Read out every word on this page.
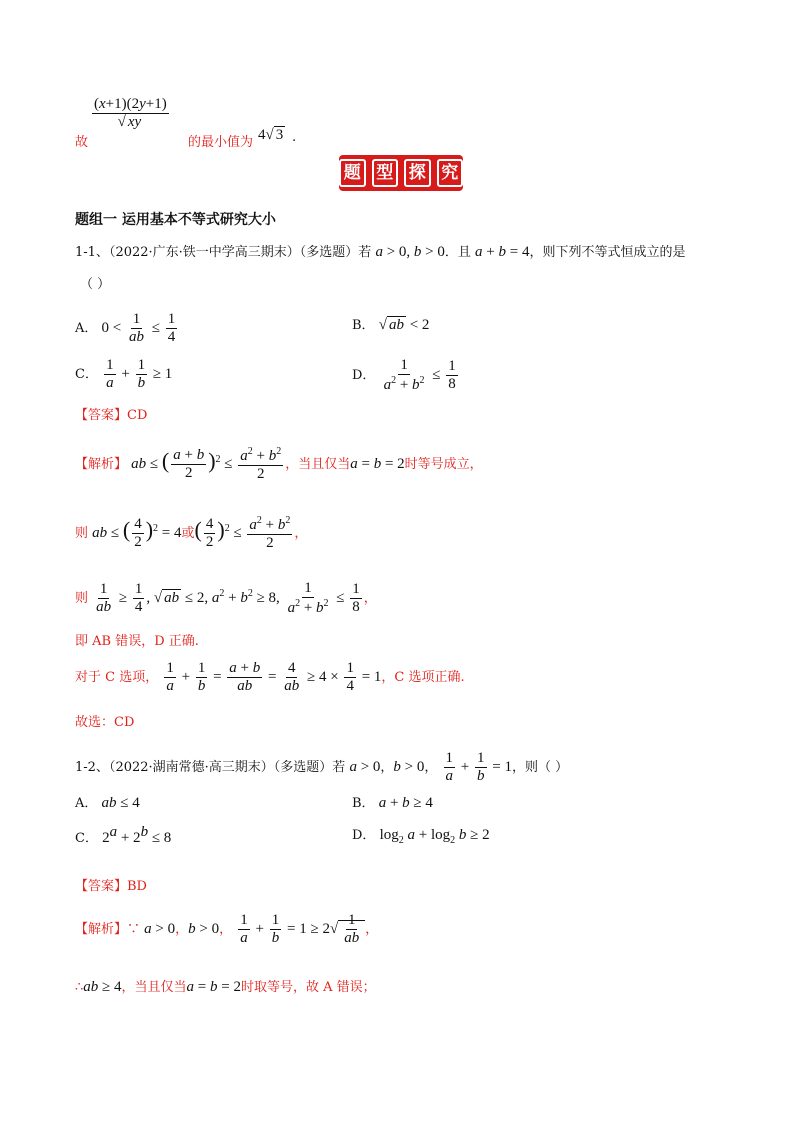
故
$\frac{(x+1)(2y+1)}{√ xy}$
的最小值为 4√ 3 .
题 型 探 究
题组一 运用基本不等式研究大小
1-1、（2022·广东·铁一中学高三期末）（多选题）若 a > 0, b > 0．且 a + b = 4，则下列不等式恒成立的是
（ ）
A． $0 < \frac{1}{ab} \le \frac{1}{4}$	B． √ ab < 2
C． $\frac{1}{a} + \frac{1}{b} \ge 1$	D． $\frac{1}{a^2 + b^2} \le \frac{1}{8}$
【答案】CD
【解析】 ab ≤ ( $\frac{a + b}{2} )^2 \le \frac{a^2 + b^2}{2}$ ，当且仅当a = b = 2时等号成立，
则 ab ≤ ( $\frac{4}{2} )^2 = 4$或( $\frac{4}{2} )^2 \le \frac{a^2 + b^2}{2}$ ，
则 $\frac{1}{ab} \ge \frac{1}{4}$ , √ ab ≤ 2, $a^2 + b^2 \ge 8$, $\frac{1}{a^2 + b^2} \le \frac{1}{8}$ ，
即 AB 错误，D 正确.
对于 C 选项， $\frac{1}{a} + \frac{1}{b} = \frac{a + b}{ab} = \frac{4}{ab} \ge 4 \times \frac{1}{4} = 1$，C 选项正确.
故选：CD
1-2、（2022·湖南常德·高三期末）（多选题）若 a > 0，b > 0， $\frac{1}{a} + \frac{1}{b} = 1$，则（ ）
A． ab ≤ 4	B． a + b ≥ 4
C． $2^a + 2^b \le 8$	D． $\log_2 a + \log_2 b \ge 2$
【答案】BD
【解析】∵ a > 0，b > 0， $\frac{1}{a} + \frac{1}{b} = 1 \ge 2√ \frac{1}{ab}$ ，
∴ab ≥ 4，当且仅当a = b = 2时取等号，故 A 错误；
